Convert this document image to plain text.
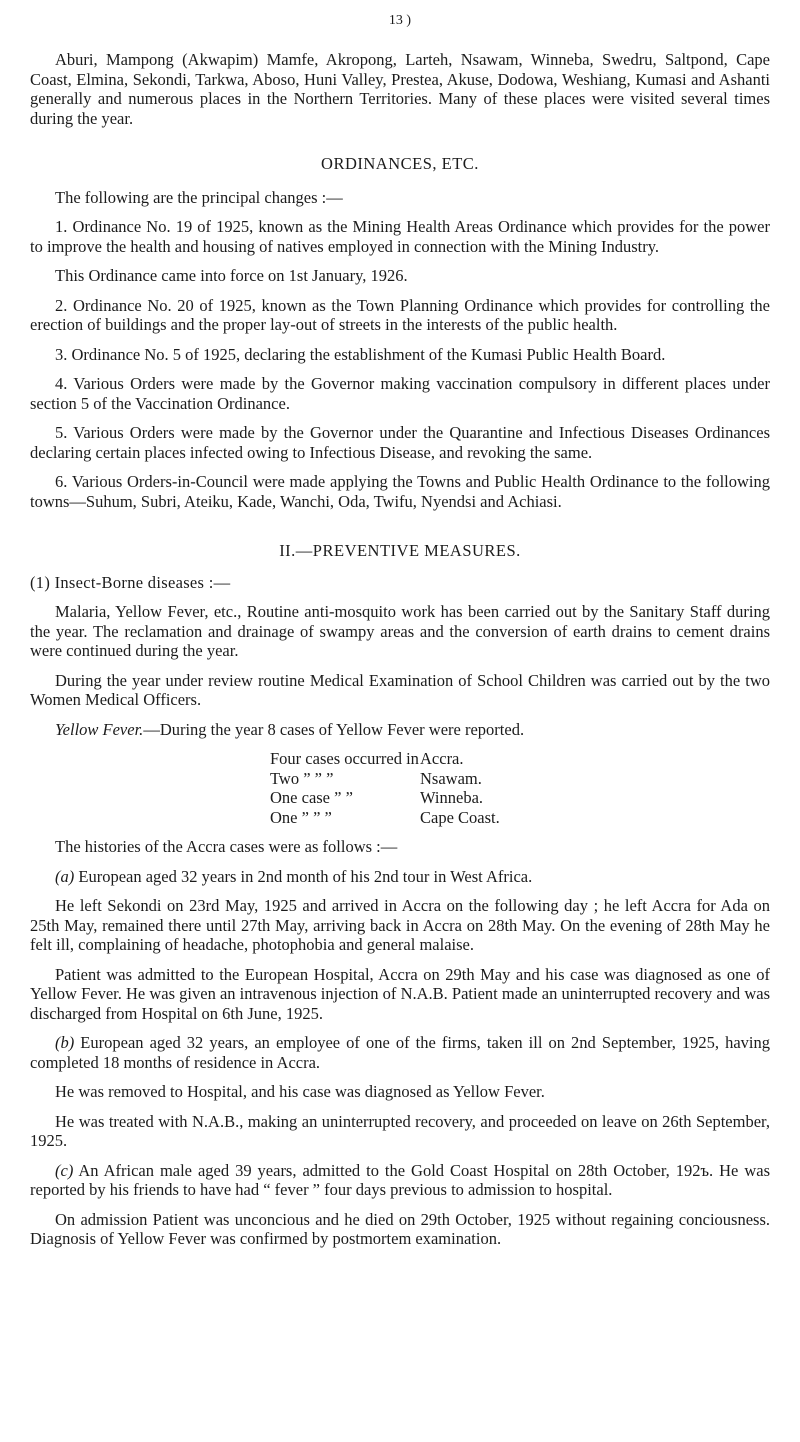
13 )

Aburi, Mampong (Akwapim) Mamfe, Akropong, Larteh, Nsawam, Winneba, Swedru, Saltpond, Cape Coast, Elmina, Sekondi, Tarkwa, Aboso, Huni Valley, Prestea, Akuse, Dodowa, Weshiang, Kumasi and Ashanti generally and numerous places in the Northern Territories. Many of these places were visited several times during the year.

ORDINANCES, ETC.

The following are the principal changes :—

1. Ordinance No. 19 of 1925, known as the Mining Health Areas Ordinance which provides for the power to improve the health and housing of natives employed in connection with the Mining Industry.

This Ordinance came into force on 1st January, 1926.

2. Ordinance No. 20 of 1925, known as the Town Planning Ordinance which provides for controlling the erection of buildings and the proper lay-out of streets in the interests of the public health.

3. Ordinance No. 5 of 1925, declaring the establishment of the Kumasi Public Health Board.

4. Various Orders were made by the Governor making vaccination compulsory in different places under section 5 of the Vaccination Ordinance.

5. Various Orders were made by the Governor under the Quarantine and Infectious Diseases Ordinances declaring certain places infected owing to Infectious Disease, and revoking the same.

6. Various Orders-in-Council were made applying the Towns and Public Health Ordinance to the following towns—Suhum, Subri, Ateiku, Kade, Wanchi, Oda, Twifu, Nyendsi and Achiasi.

II.—PREVENTIVE MEASURES.

(1) Insect-Borne diseases :—

Malaria, Yellow Fever, etc., Routine anti-mosquito work has been carried out by the Sanitary Staff during the year. The reclamation and drainage of swampy areas and the conversion of earth drains to cement drains were continued during the year.

During the year under review routine Medical Examination of School Children was carried out by the two Women Medical Officers.

Yellow Fever.—During the year 8 cases of Yellow Fever were reported.

Four cases occurred in Accra.
Two ” ” ”	Nsawam.
One case ” ”	Winneba.
One ” ” ”	Cape Coast.

The histories of the Accra cases were as follows :—

(a) European aged 32 years in 2nd month of his 2nd tour in West Africa.

He left Sekondi on 23rd May, 1925 and arrived in Accra on the following day ; he left Accra for Ada on 25th May, remained there until 27th May, arriving back in Accra on 28th May. On the evening of 28th May he felt ill, complaining of headache, photophobia and general malaise.

Patient was admitted to the European Hospital, Accra on 29th May and his case was diagnosed as one of Yellow Fever. He was given an intravenous injection of N.A.B. Patient made an uninterrupted recovery and was discharged from Hospital on 6th June, 1925.

(b) European aged 32 years, an employee of one of the firms, taken ill on 2nd September, 1925, having completed 18 months of residence in Accra.

He was removed to Hospital, and his case was diagnosed as Yellow Fever.

He was treated with N.A.B., making an uninterrupted recovery, and proceeded on leave on 26th September, 1925.

(c) An African male aged 39 years, admitted to the Gold Coast Hospital on 28th October, 192ъ. He was reported by his friends to have had “ fever ” four days previous to admission to hospital.

On admission Patient was unconcious and he died on 29th October, 1925 without regaining conciousness. Diagnosis of Yellow Fever was confirmed by postmortem examination.
